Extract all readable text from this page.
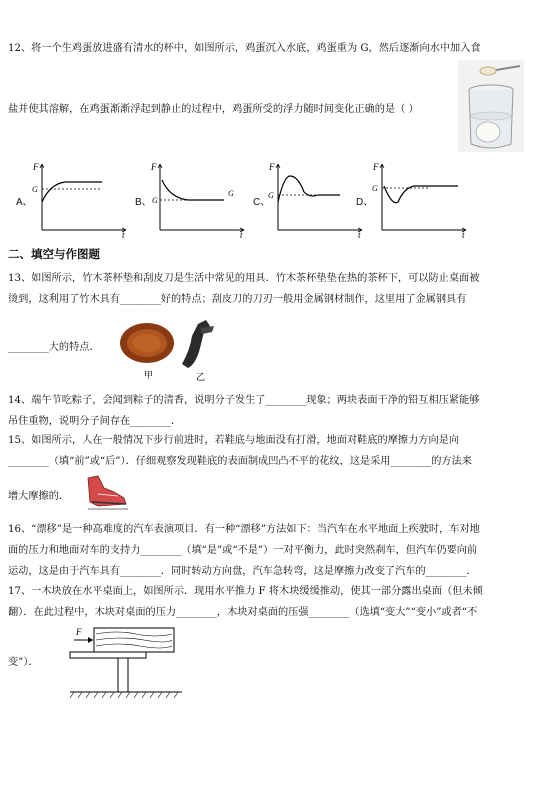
12、将一个生鸡蛋放进盛有清水的杯中，如图所示，鸡蛋沉入水底，鸡蛋重为 G，然后逐渐向水中加入食
盐并使其溶解，在鸡蛋渐渐浮起到静止的过程中，鸡蛋所受的浮力随时间变化正确的是（ ）
A、
F
t
G
B、
F
t
G
G
C、
F
t
G
D、
F
t
G
二、填空与作图题
13、如图所示，竹木茶杯垫和刮皮刀是生活中常见的用具．竹木茶杯垫垫在热的茶杯下，可以防止桌面被
烫到，这利用了竹木具有________好的特点；刮皮刀的刀刃一般用金属钢材制作，这里用了金属钢具有
________大的特点．
甲	乙
14、端午节吃粽子，会闻到粽子的清香，说明分子发生了________现象；两块表面干净的铅互相压紧能够
吊住重物，说明分子间存在________．
15、如图所示，人在一般情况下步行前进时，若鞋底与地面没有打滑，地面对鞋底的摩擦力方向是向
________（填“前”或“后”）．仔细观察发现鞋底的表面制成凹凸不平的花纹，这是采用________的方法来
增大摩擦的．
16、“漂移”是一种高难度的汽车表演项目．有一种“漂移”方法如下：当汽车在水平地面上疾驶时，车对地
面的压力和地面对车的支持力________（填“是”或“不是”）一对平衡力，此时突然刹车，但汽车仍要向前
运动，这是由于汽车具有________．同时转动方向盘，汽车急转弯，这是摩擦力改变了汽车的________．
17、一木块放在水平桌面上，如图所示．现用水平推力 F 将木块缓缓推动，使其一部分露出桌面（但未倾
翻）．在此过程中，木块对桌面的压力________，木块对桌面的压强________（选填“变大”“变小”或者“不
变”）．
F
